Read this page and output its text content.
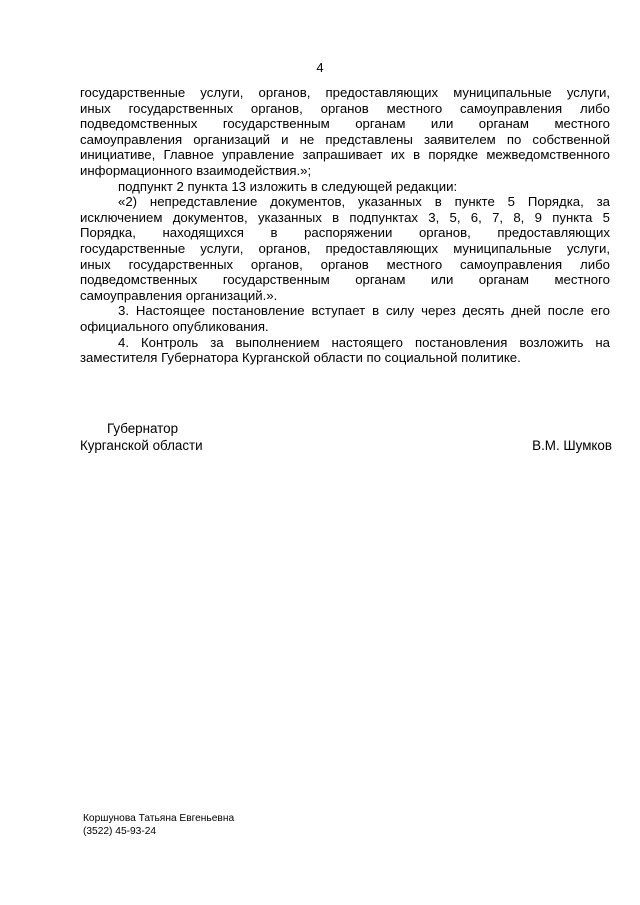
4
государственные услуги, органов, предоставляющих муниципальные услуги,
иных государственных органов, органов местного самоуправления либо
подведомственных государственным органам или органам местного
самоуправления организаций и не представлены заявителем по собственной
инициативе, Главное управление запрашивает их в порядке межведомственного
информационного взаимодействия.»;
подпункт 2 пункта 13 изложить в следующей редакции:
«2) непредставление документов, указанных в пункте 5 Порядка, за
исключением документов, указанных в подпунктах 3, 5, 6, 7, 8, 9 пункта 5
Порядка, находящихся в распоряжении органов, предоставляющих
государственные услуги, органов, предоставляющих муниципальные услуги,
иных государственных органов, органов местного самоуправления либо
подведомственных государственным органам или органам местного
самоуправления организаций.».
3. Настоящее постановление вступает в силу через десять дней после его
официального опубликования.
4. Контроль за выполнением настоящего постановления возложить на
заместителя Губернатора Курганской области по социальной политике.
Губернатор
Курганской области	В.М. Шумков
Коршунова Татьяна Евгеньевна
(3522) 45-93-24
